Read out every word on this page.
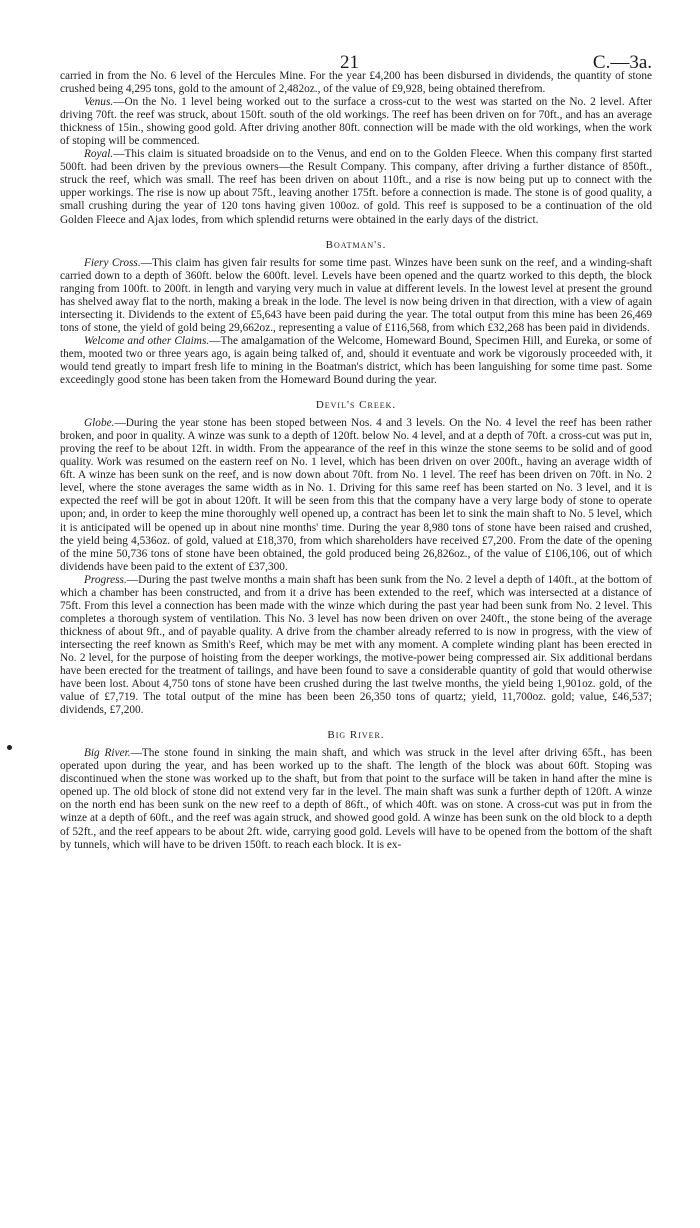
21	C.—3a.

carried in from the No. 6 level of the Hercules Mine. For the year £4,200 has been disbursed in dividends, the quantity of stone crushed being 4,295 tons, gold to the amount of 2,482oz., of the value of £9,928, being obtained therefrom.

Venus.—On the No. 1 level being worked out to the surface a cross-cut to the west was started on the No. 2 level. After driving 70ft. the reef was struck, about 150ft. south of the old workings. The reef has been driven on for 70ft., and has an average thickness of 15in., showing good gold. After driving another 80ft. connection will be made with the old workings, when the work of stoping will be commenced.

Royal.—This claim is situated broadside on to the Venus, and end on to the Golden Fleece. When this company first started 500ft. had been driven by the previous owners—the Result Company. This company, after driving a further distance of 850ft., struck the reef, which was small. The reef has been driven on about 110ft., and a rise is now being put up to connect with the upper workings. The rise is now up about 75ft., leaving another 175ft. before a connection is made. The stone is of good quality, a small crushing during the year of 120 tons having given 100oz. of gold. This reef is supposed to be a continuation of the old Golden Fleece and Ajax lodes, from which splendid returns were obtained in the early days of the district.

Boatman's.

Fiery Cross.—This claim has given fair results for some time past. Winzes have been sunk on the reef, and a winding-shaft carried down to a depth of 360ft. below the 600ft. level. Levels have been opened and the quartz worked to this depth, the block ranging from 100ft. to 200ft. in length and varying very much in value at different levels. In the lowest level at present the ground has shelved away flat to the north, making a break in the lode. The level is now being driven in that direction, with a view of again intersecting it. Dividends to the extent of £5,643 have been paid during the year. The total output from this mine has been 26,469 tons of stone, the yield of gold being 29,662oz., representing a value of £116,568, from which £32,268 has been paid in dividends.

Welcome and other Claims.—The amalgamation of the Welcome, Homeward Bound, Specimen Hill, and Eureka, or some of them, mooted two or three years ago, is again being talked of, and, should it eventuate and work be vigorously proceeded with, it would tend greatly to impart fresh life to mining in the Boatman's district, which has been languishing for some time past. Some exceedingly good stone has been taken from the Homeward Bound during the year.

Devil's Creek.

Globe.—During the year stone has been stoped between Nos. 4 and 3 levels. On the No. 4 level the reef has been rather broken, and poor in quality. A winze was sunk to a depth of 120ft. below No. 4 level, and at a depth of 70ft. a cross-cut was put in, proving the reef to be about 12ft. in width. From the appearance of the reef in this winze the stone seems to be solid and of good quality. Work was resumed on the eastern reef on No. 1 level, which has been driven on over 200ft., having an average width of 6ft. A winze has been sunk on the reef, and is now down about 70ft. from No. 1 level. The reef has been driven on 70ft. in No. 2 level, where the stone averages the same width as in No. 1. Driving for this same reef has been started on No. 3 level, and it is expected the reef will be got in about 120ft. It will be seen from this that the company have a very large body of stone to operate upon; and, in order to keep the mine thoroughly well opened up, a contract has been let to sink the main shaft to No. 5 level, which it is anticipated will be opened up in about nine months' time. During the year 8,980 tons of stone have been raised and crushed, the yield being 4,536oz. of gold, valued at £18,370, from which shareholders have received £7,200. From the date of the opening of the mine 50,736 tons of stone have been obtained, the gold produced being 26,826oz., of the value of £106,106, out of which dividends have been paid to the extent of £37,300.

Progress.—During the past twelve months a main shaft has been sunk from the No. 2 level a depth of 140ft., at the bottom of which a chamber has been constructed, and from it a drive has been extended to the reef, which was intersected at a distance of 75ft. From this level a connection has been made with the winze which during the past year had been sunk from No. 2 level. This completes a thorough system of ventilation. This No. 3 level has now been driven on over 240ft., the stone being of the average thickness of about 9ft., and of payable quality. A drive from the chamber already referred to is now in progress, with the view of intersecting the reef known as Smith's Reef, which may be met with any moment. A complete winding plant has been erected in No. 2 level, for the purpose of hoisting from the deeper workings, the motive-power being compressed air. Six additional berdans have been erected for the treatment of tailings, and have been found to save a considerable quantity of gold that would otherwise have been lost. About 4,750 tons of stone have been crushed during the last twelve months, the yield being 1,901oz. gold, of the value of £7,719. The total output of the mine has been been 26,350 tons of quartz; yield, 11,700oz. gold; value, £46,537; dividends, £7,200.

Big River.

Big River.—The stone found in sinking the main shaft, and which was struck in the level after driving 65ft., has been operated upon during the year, and has been worked up to the shaft. The length of the block was about 60ft. Stoping was discontinued when the stone was worked up to the shaft, but from that point to the surface will be taken in hand after the mine is opened up. The old block of stone did not extend very far in the level. The main shaft was sunk a further depth of 120ft. A winze on the north end has been sunk on the new reef to a depth of 86ft., of which 40ft. was on stone. A cross-cut was put in from the winze at a depth of 60ft., and the reef was again struck, and showed good gold. A winze has been sunk on the old block to a depth of 52ft., and the reef appears to be about 2ft. wide, carrying good gold. Levels will have to be opened from the bottom of the shaft by tunnels, which will have to be driven 150ft. to reach each block. It is ex-
